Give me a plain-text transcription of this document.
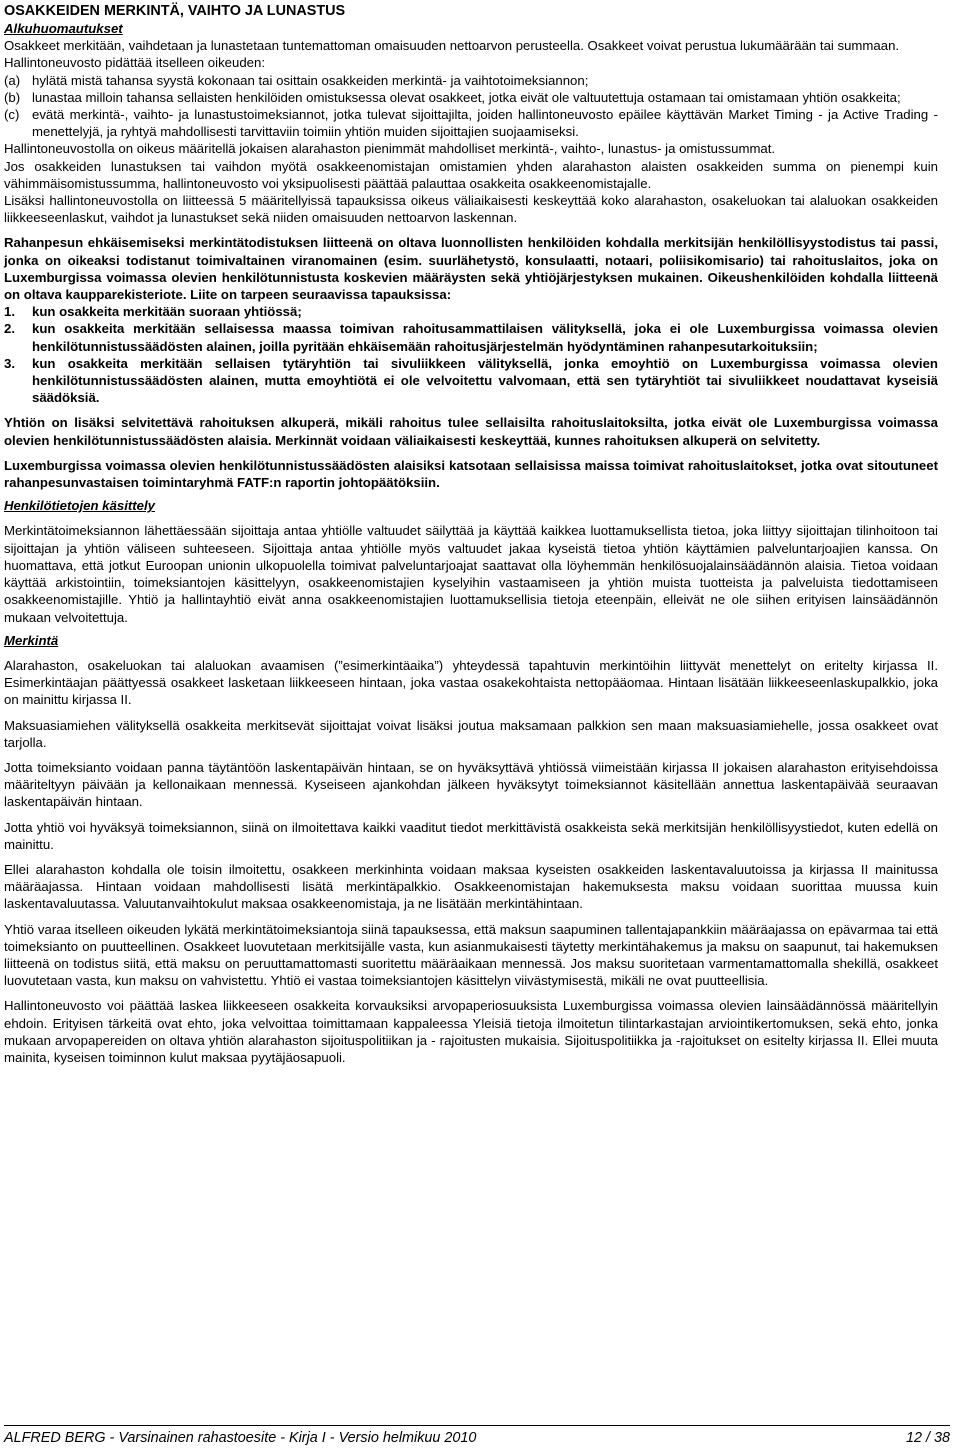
OSAKKEIDEN MERKINTÄ, VAIHTO JA LUNASTUS
Alkuhuomautukset

Osakkeet merkitään, vaihdetaan ja lunastetaan tuntemattoman omaisuuden nettoarvon perusteella. Osakkeet voivat perustua lukumäärään tai summaan.

Hallintoneuvosto pidättää itselleen oikeuden:

(a) hylätä mistä tahansa syystä kokonaan tai osittain osakkeiden merkintä- ja vaihtotoimeksiannon;
(b) lunastaa milloin tahansa sellaisten henkilöiden omistuksessa olevat osakkeet, jotka eivät ole valtuutettuja ostamaan tai omistamaan yhtiön osakkeita;
(c) evätä merkintä-, vaihto- ja lunastustoimeksiannot, jotka tulevat sijoittajilta, joiden hallintoneuvosto epäilee käyttävän Market Timing - ja Active Trading -menettelyjä, ja ryhtyä mahdollisesti tarvittaviin toimiin yhtiön muiden sijoittajien suojaamiseksi.

Hallintoneuvostolla on oikeus määritellä jokaisen alarahaston pienimmät mahdolliset merkintä-, vaihto-, lunastus- ja omistussummat.

Jos osakkeiden lunastuksen tai vaihdon myötä osakkeenomistajan omistamien yhden alarahaston alaisten osakkeiden summa on pienempi kuin vähimmäisomistussumma, hallintoneuvosto voi yksipuolisesti päättää palauttaa osakkeita osakkeenomistajalle.

Lisäksi hallintoneuvostolla on liitteessä 5 määritellyissä tapauksissa oikeus väliaikaisesti keskeyttää koko alarahaston, osakeluokan tai alaluokan osakkeiden liikkeeseenlaskut, vaihdot ja lunastukset sekä niiden omaisuuden nettoarvon laskennan.

Rahanpesun ehkäisemiseksi merkintätodistuksen liitteenä on oltava luonnollisten henkilöiden kohdalla merkitsijän henkilöllisyystodistus tai passi, jonka on oikeaksi todistanut toimivaltainen viranomainen (esim. suurlähetystö, konsulaatti, notaari, poliisikomisario) tai rahoituslaitos, joka on Luxemburgissa voimassa olevien henkilötunnistusta koskevien määräysten sekä yhtiöjärjestyksen mukainen. Oikeushenkilöiden kohdalla liitteenä on oltava kaupparekisteriote. Liite on tarpeen seuraavissa tapauksissa:

1.	kun osakkeita merkitään suoraan yhtiössä;
2.	kun osakkeita merkitään sellaisessa maassa toimivan rahoitusammattilaisen välityksellä, joka ei ole Luxemburgissa voimassa olevien henkilötunnistussäädösten alainen, joilla pyritään ehkäisemään rahoitusjärjestelmän hyödyntäminen rahanpesutarkoituksiin;
3.	kun osakkeita merkitään sellaisen tytäryhtiön tai sivuliikkeen välityksellä, jonka emoyhtiö on Luxemburgissa voimassa olevien henkilötunnistussäädösten alainen, mutta emoyhtiötä ei ole velvoitettu valvomaan, että sen tytäryhtiöt tai sivuliikkeet noudattavat kyseisiä säädöksiä.

Yhtiön on lisäksi selvitettävä rahoituksen alkuperä, mikäli rahoitus tulee sellaisilta rahoituslaitoksilta, jotka eivät ole Luxemburgissa voimassa olevien henkilötunnistussäädösten alaisia. Merkinnät voidaan väliaikaisesti keskeyttää, kunnes rahoituksen alkuperä on selvitetty.

Luxemburgissa voimassa olevien henkilötunnistussäädösten alaisiksi katsotaan sellaisissa maissa toimivat rahoituslaitokset, jotka ovat sitoutuneet rahanpesunvastaisen toimintaryhmä FATF:n raportin johtopäätöksiin.

Henkilötietojen käsittely

Merkintätoimeksiannon lähettäessään sijoittaja antaa yhtiölle valtuudet säilyttää ja käyttää kaikkea luottamuksellista tietoa, joka liittyy sijoittajan tilinhoitoon tai sijoittajan ja yhtiön väliseen suhteeseen. Sijoittaja antaa yhtiölle myös valtuudet jakaa kyseistä tietoa yhtiön käyttämien palveluntarjoajien kanssa. On huomattava, että jotkut Euroopan unionin ulkopuolella toimivat palveluntarjoajat saattavat olla löyhemmän henkilösuojalainsäädännön alaisia. Tietoa voidaan käyttää arkistointiin, toimeksiantojen käsittelyyn, osakkeenomistajien kyselyihin vastaamiseen ja yhtiön muista tuotteista ja palveluista tiedottamiseen osakkeenomistajille. Yhtiö ja hallintayhtiö eivät anna osakkeenomistajien luottamuksellisia tietoja eteenpäin, elleivät ne ole siihen erityisen lainsäädännön mukaan velvoitettuja.

Merkintä

Alarahaston, osakeluokan tai alaluokan avaamisen (”esimerkintäaika”) yhteydessä tapahtuvin merkintöihin liittyvät menettelyt on eritelty kirjassa II. Esimerkintäajan päättyessä osakkeet lasketaan liikkeeseen hintaan, joka vastaa osakekohtaista nettopääomaa. Hintaan lisätään liikkeeseenlaskupalkkio, joka on mainittu kirjassa II.

Maksuasiamiehen välityksellä osakkeita merkitsevät sijoittajat voivat lisäksi joutua maksamaan palkkion sen maan maksuasiamiehelle, jossa osakkeet ovat tarjolla.

Jotta toimeksianto voidaan panna täytäntöön laskentapäivän hintaan, se on hyväksyttävä yhtiössä viimeistään kirjassa II jokaisen alarahaston erityisehdoissa määriteltyyn päivään ja kellonaikaan mennessä. Kyseiseen ajankohdan jälkeen hyväksytyt toimeksiannot käsitellään annettua laskentapäivää seuraavan laskentapäivän hintaan.

Jotta yhtiö voi hyväksyä toimeksiannon, siinä on ilmoitettava kaikki vaaditut tiedot merkittävistä osakkeista sekä merkitsijän henkilöllisyystiedot, kuten edellä on mainittu.

Ellei alarahaston kohdalla ole toisin ilmoitettu, osakkeen merkinhinta voidaan maksaa kyseisten osakkeiden laskentavaluutoissa ja kirjassa II mainitussa määräajassa. Hintaan voidaan mahdollisesti lisätä merkintäpalkkio. Osakkeenomistajan hakemuksesta maksu voidaan suorittaa muussa kuin laskentavaluutassa. Valuutanvaihtokulut maksaa osakkeenomistaja, ja ne lisätään merkintähintaan.

Yhtiö varaa itselleen oikeuden lykätä merkintätoimeksiantoja siinä tapauksessa, että maksun saapuminen tallentajapankkiin määräajassa on epävarmaa tai että toimeksianto on puutteellinen. Osakkeet luovutetaan merkitsijälle vasta, kun asianmukaisesti täytetty merkintähakemus ja maksu on saapunut, tai hakemuksen liitteenä on todistus siitä, että maksu on peruuttamattomasti suoritettu määräaikaan mennessä. Jos maksu suoritetaan varmentamattomalla shekillä, osakkeet luovutetaan vasta, kun maksu on vahvistettu. Yhtiö ei vastaa toimeksiantojen käsittelyn viivästymisestä, mikäli ne ovat puutteellisia.

Hallintoneuvosto voi päättää laskea liikkeeseen osakkeita korvauksiksi arvopaperiosuuksista Luxemburgissa voimassa olevien lainsäädännössä määritellyin ehdoin. Erityisen tärkeitä ovat ehto, joka velvoittaa toimittamaan kappaleessa Yleisiä tietoja ilmoitetun tilintarkastajan arviointikertomuksen, sekä ehto, jonka mukaan arvopapereiden on oltava yhtiön alarahaston sijoituspolitiikan ja - rajoitusten mukaisia. Sijoituspolitiikka ja -rajoitukset on esitelty kirjassa II. Ellei muuta mainita, kyseisen toiminnon kulut maksaa pyytäjäosapuoli.

ALFRED BERG - Varsinainen rahastoesite - Kirja I - Versio helmikuu 2010	12 / 38
